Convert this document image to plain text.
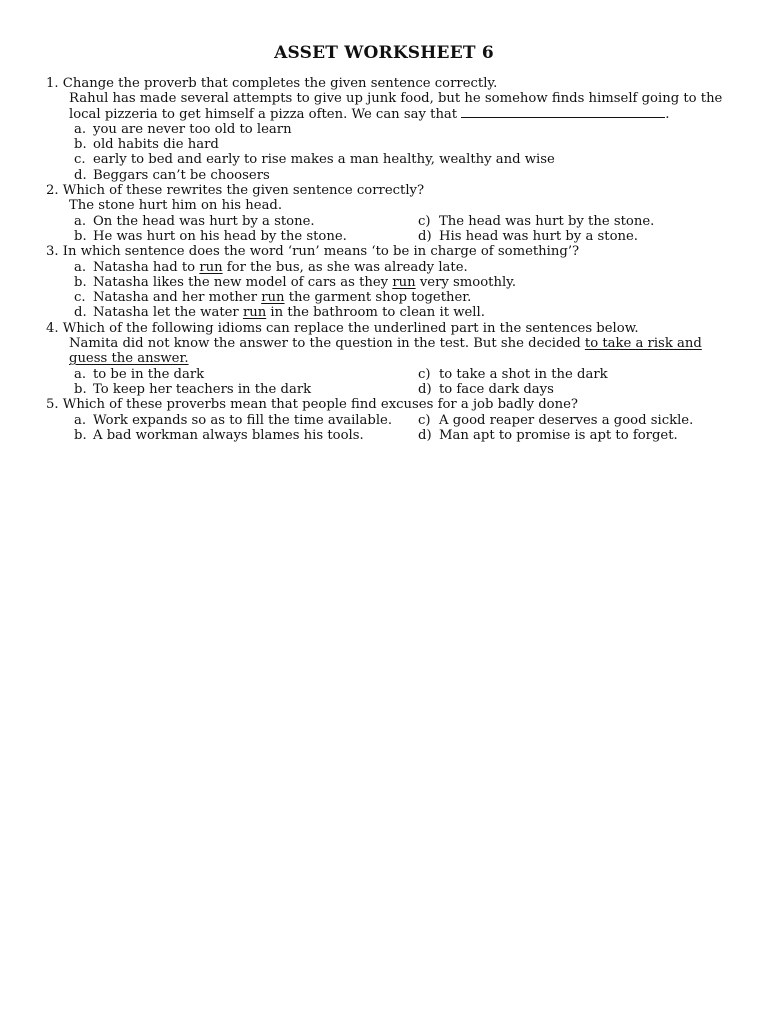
ASSET WORKSHEET 6
1. Change the proverb that completes the given sentence correctly.
Rahul has made several attempts to give up junk food, but he somehow finds himself going to the local pizzeria to get himself a pizza often. We can say that	.
a. you are never too old to learn
b. old habits die hard
c. early to bed and early to rise makes a man healthy, wealthy and wise
d. Beggars can’t be choosers
2. Which of these rewrites the given sentence correctly?
The stone hurt him on his head.
a. On the head was hurt by a stone.	c) The head was hurt by the stone.
b. He was hurt on his head by the stone.	d) His head was hurt by a stone.
3. In which sentence does the word ‘run’ means ‘to be in charge of something’?
a. Natasha had to run for the bus, as she was already late.
b. Natasha likes the new model of cars as they run very smoothly.
c. Natasha and her mother run the garment shop together.
d. Natasha let the water run in the bathroom to clean it well.
4. Which of the following idioms can replace the underlined part in the sentences below.
Namita did not know the answer to the question in the test. But she decided to take a risk and guess the answer.
a. to be in the dark	c) to take a shot in the dark
b. To keep her teachers in the dark	d) to face dark days
5. Which of these proverbs mean that people find excuses for a job badly done?
a. Work expands so as to fill the time available. c) A good reaper deserves a good sickle.
b. A bad workman always blames his tools.	d) Man apt to promise is apt to forget.
